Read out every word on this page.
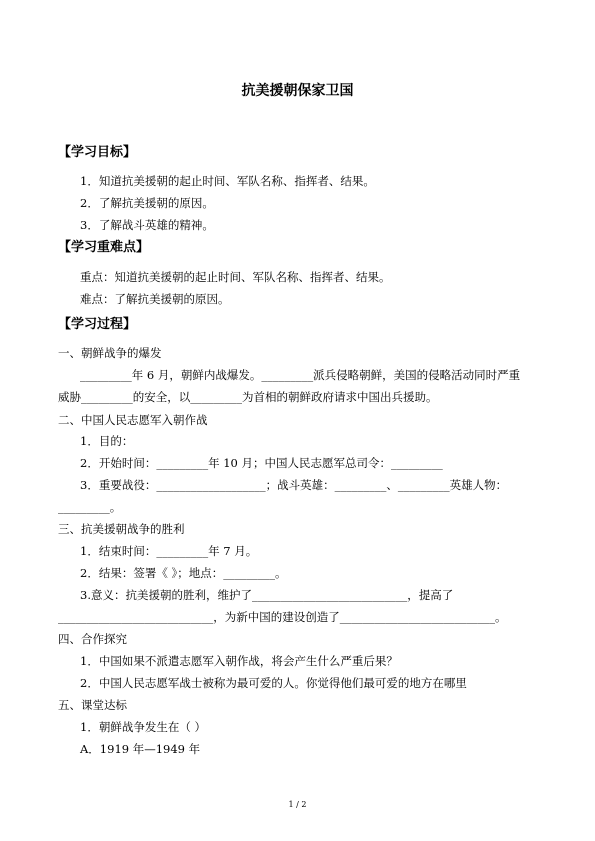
抗美援朝保家卫国
【学习目标】
1．知道抗美援朝的起止时间、军队名称、指挥者、结果。
2．了解抗美援朝的原因。
3．了解战斗英雄的精神。
【学习重难点】
重点：知道抗美援朝的起止时间、军队名称、指挥者、结果。
难点：了解抗美援朝的原因。
【学习过程】
一、朝鲜战争的爆发
_________年 6 月，朝鲜内战爆发。_________派兵侵略朝鲜，美国的侵略活动同时严重
威胁_________的安全，以_________为首相的朝鲜政府请求中国出兵援助。
二、中国人民志愿军入朝作战
1．目的：
2．开始时间：_________年 10 月；中国人民志愿军总司令：_________
3．重要战役：___________________；战斗英雄：_________、_________英雄人物：
_________。
三、抗美援朝战争的胜利
1．结束时间：_________年 7 月。
2．结果：签署《 》；地点：_________。
3.意义：抗美援朝的胜利，维护了___________________________，提高了
___________________________，为新中国的建设创造了___________________________。
四、合作探究
1．中国如果不派遣志愿军入朝作战，将会产生什么严重后果？
2．中国人民志愿军战士被称为最可爱的人。你觉得他们最可爱的地方在哪里
五、课堂达标
1．朝鲜战争发生在（ ）
A．1919 年—1949 年
1 / 2
